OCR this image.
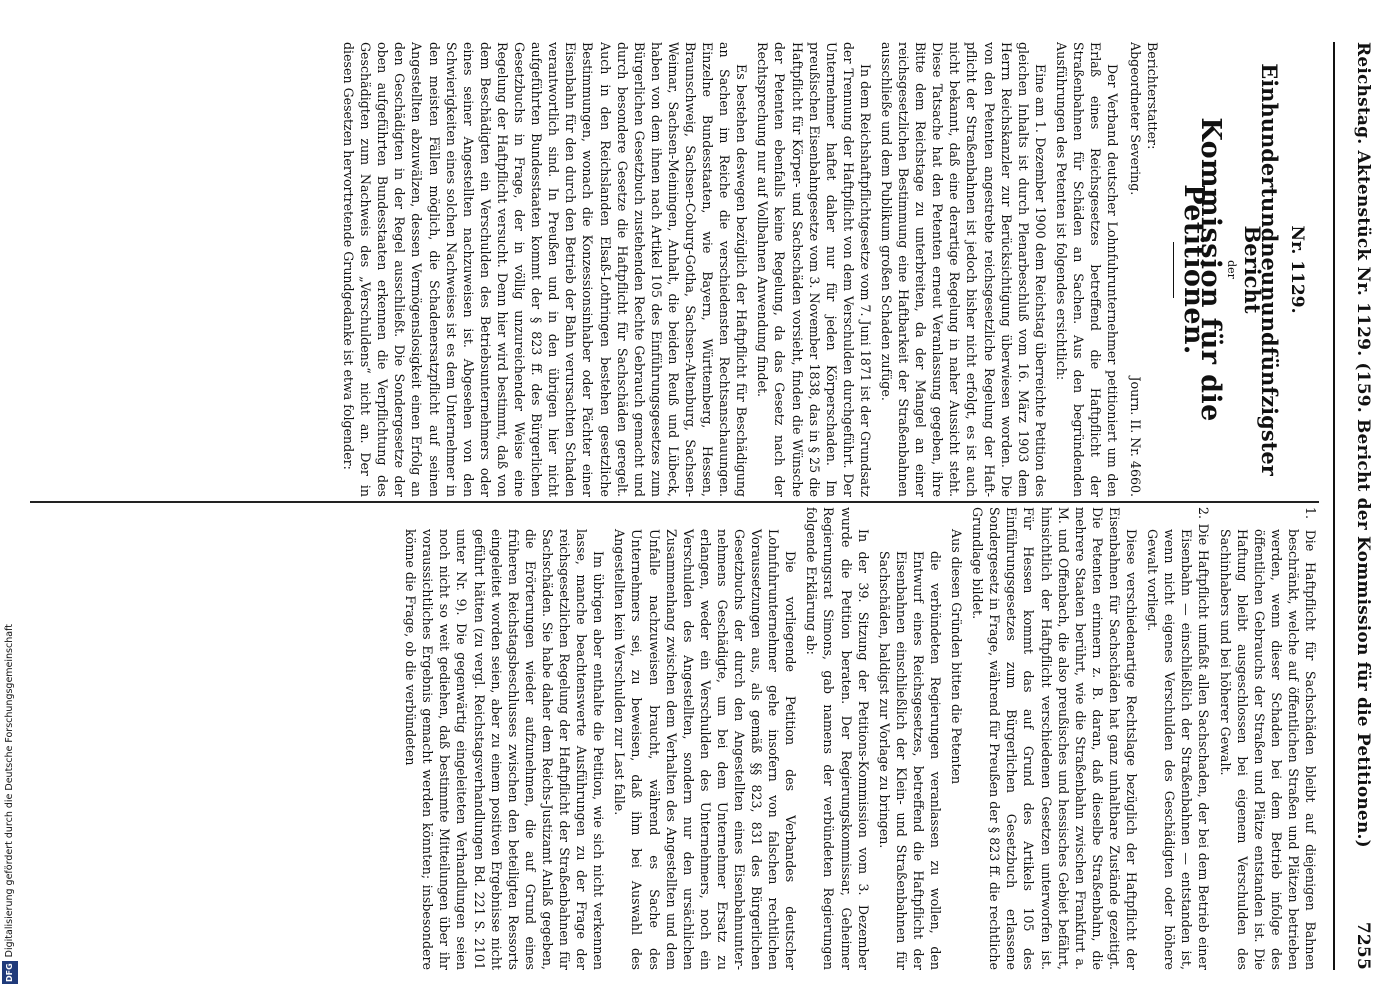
Reichstag. Aktenstück Nr. 1129. (159. Bericht der Kommission für die Petitionen.)
7255
Nr. 1129.
Einhundertundneunundfünfzigster Bericht
der
Kommission für die Petitionen.
Berichterstatter:
Abgeordneter Severing.
Journ. II. Nr. 4660.

Der Verband deutscher Lohnfuhrunternehmer petitioniert um den Erlaß eines Reichsgesetzes betreffend die Haftpflicht der Straßenbahnen für Schäden an Sachen. Aus den begründenden Ausführungen des Petenten ist folgendes ersichtlich:

Eine am 1. Dezember 1900 dem Reichstag überreichte Petition des gleichen Inhalts ist durch Plenarbeschluß vom 16. März 1903 dem Herrn Reichskanzler zur Berücksichtigung überwiesen worden. Die von den Petenten angestrebte reichsgesetzliche Regelung der Haftpflicht der Straßenbahnen ist jedoch bisher nicht erfolgt, es ist auch nicht bekannt, daß eine derartige Regelung in naher Aussicht steht. Diese Tatsache hat den Petenten erneut Veranlassung gegeben, ihre Bitte dem Reichstage zu unterbreiten, da der Mangel an einer reichsgesetzlichen Bestimmung eine Haftbarkeit der Straßenbahnen ausschließe und dem Publikum großen Schaden zufüge.

In dem Reichshaftpflichtgesetze vom 7. Juni 1871 ist der Grundsatz der Trennung der Haftpflicht von dem Verschulden durchgeführt. Der Unternehmer haftet daher nur für jeden Körperschaden. Im preußischen Eisenbahngesetze vom 3. November 1838, das in § 25 die Haftpflicht für Körper- und Sachschäden vorsieht, finden die Wünsche der Petenten ebenfalls keine Regelung, da das Gesetz nach der Rechtsprechung nur auf Vollbahnen Anwendung findet.

Es bestehen deswegen bezüglich der Haftpflicht für Beschädigung an Sachen im Reiche die verschiedensten Rechtsanschauungen. Einzelne Bundesstaaten, wie Bayern, Württemberg, Hessen, Braunschweig, Sachsen-Coburg-Gotha, Sachsen-Altenburg, Sachsen-Weimar, Sachsen-Meiningen, Anhalt, die beiden Reuß und Lübeck, haben von dem ihnen nach Artikel 105 des Einführungsgesetzes zum Bürgerlichen Gesetzbuch zustehenden Rechte Gebrauch gemacht und durch besondere Gesetze die Haftpflicht für Sachschäden geregelt. Auch in den Reichslanden Elsaß-Lothringen bestehen gesetzliche Bestimmungen, wonach die Konzessionsinhaber oder Pächter einer Eisenbahn für den durch den Betrieb der Bahn verursachten Schaden verantwortlich sind. In Preußen und in den übrigen hier nicht aufgeführten Bundesstaaten kommt der § 823 ff. des Bürgerlichen Gesetzbuchs in Frage, der in völlig unzureichender Weise eine Regelung der Haftpflicht versucht. Denn hier wird bestimmt, daß von dem Beschädigten ein Verschulden des Betriebsunternehmers oder eines seiner Angestellten nachzuweisen ist. Abgesehen von den Schwierigkeiten eines solchen Nachweises ist es dem Unternehmer in den meisten Fällen möglich, die Schadenersatzpflicht auf seinen Angestellten abzuwälzen, dessen Vermögenslosigkeit einen Erfolg an den Geschädigten in der Regel ausschließt. Die Sondergesetze der oben aufgeführten Bundesstaaten erkennen die Verpflichtung des Geschädigten zum Nachweis des „Verschuldens“ nicht an. Der in diesen Gesetzen hervortretende Grundgedanke ist etwa folgender:

1. Die Haftpflicht für Sachschäden bleibt auf diejenigen Bahnen beschränkt, welche auf öffentlichen Straßen und Plätzen betrieben werden, wenn dieser Schaden bei dem Betrieb infolge des öffentlichen Gebrauchs der Straßen und Plätze entstanden ist. Die Haftung bleibt ausgeschlossen bei eigenem Verschulden des Sachinhabers und bei höherer Gewalt.

2. Die Haftpflicht umfaßt allen Sachschaden, der bei dem Betrieb einer Eisenbahn — einschließlich der Straßenbahnen — entstanden ist, wenn nicht eigenes Verschulden des Geschädigten oder höhere Gewalt vorliegt.

Diese verschiedenartige Rechtslage bezüglich der Haftpflicht der Eisenbahnen für Sachschäden hat ganz unhaltbare Zustände gezeitigt. Die Petenten erinnern z. B. daran, daß dieselbe Straßenbahn, die mehrere Staaten berührt, wie die Straßenbahn zwischen Frankfurt a. M. und Offenbach, die also preußisches und hessisches Gebiet befährt, hinsichtlich der Haftpflicht verschiedenen Gesetzen unterworfen ist. Für Hessen kommt das auf Grund des Artikels 105 des Einführungsgesetzes zum Bürgerlichen Gesetzbuch erlassene Sondergesetz in Frage, während für Preußen der § 823 ff. die rechtliche Grundlage bildet.

Aus diesen Gründen bitten die Petenten

die verbündeten Regierungen veranlassen zu wollen, den Entwurf eines Reichsgesetzes, betreffend die Haftpflicht der Eisenbahnen einschließlich der Klein- und Straßenbahnen für Sachschäden, baldigst zur Vorlage zu bringen.

In der 39. Sitzung der Petitions-Kommission vom 3. Dezember wurde die Petition beraten. Der Regierungskommissar, Geheimer Regierungsrat Simons, gab namens der verbündeten Regierungen folgende Erklärung ab:

Die vorliegende Petition des Verbandes deutscher Lohnfuhrunternehmer gehe insofern von falschen rechtlichen Voraussetzungen aus, als gemäß §§ 823, 831 des Bürgerlichen Gesetzbuchs der durch den Angestellten eines Eisenbahnunternehmens Geschädigte, um bei dem Unternehmer Ersatz zu erlangen, weder ein Verschulden des Unternehmers, noch ein Verschulden des Angestellten, sondern nur den ursächlichen Zusammenhang zwischen dem Verhalten des Angestellten und dem Unfalle nachzuweisen braucht, während es Sache des Unternehmers sei, zu beweisen, daß ihm bei Auswahl des Angestellten kein Verschulden zur Last falle.

Im übrigen aber enthalte die Petition, wie sich nicht verkennen lasse, manche beachtenswerte Ausführungen zu der Frage der reichsgesetzlichen Regelung der Haftpflicht der Straßenbahnen für Sachschäden. Sie habe daher dem Reichs-Justizamt Anlaß gegeben, die Erörterungen wieder aufzunehmen, die auf Grund eines früheren Reichstagsbeschlusses zwischen den beteiligten Ressorts eingeleitet worden seien, aber zu einem positiven Ergebnisse nicht geführt hätten (zu vergl. Reichstagsverhandlungen Bd. 221 S. 2101 unter Nr. 9). Die gegenwärtig eingeleiteten Verhandlungen seien noch nicht so weit gediehen, daß bestimmte Mitteilungen über ihr voraussichtliches Ergebnis gemacht werden könnten; insbesondere könne die Frage, ob die verbündeten

DFGDigitalisierung gefördert durch die Deutsche Forschungsgemeinschaft
